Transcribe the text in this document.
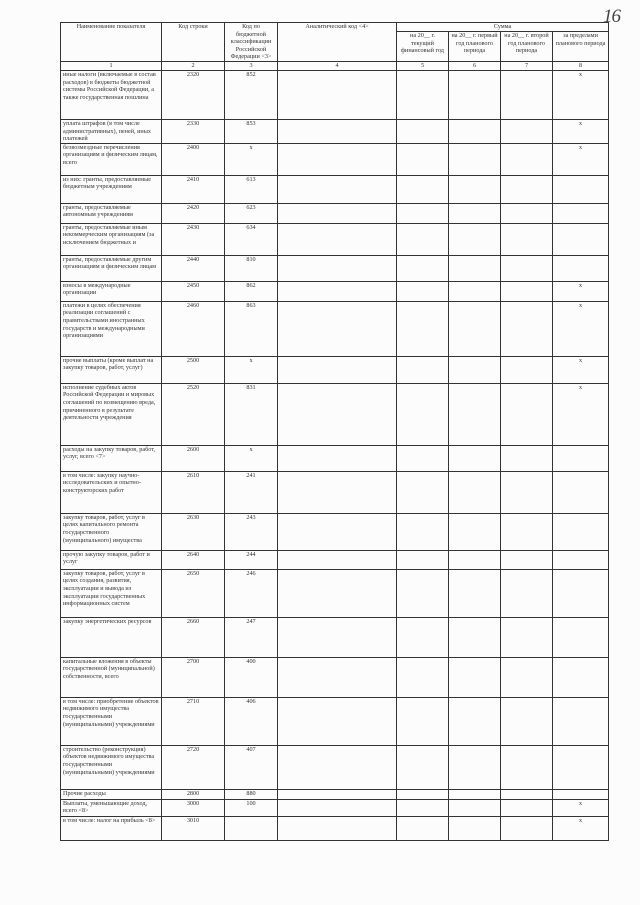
16
Наименование показателя	Код строки	Код по бюджетной классификации Российской Федерации <3>	Аналитический код <4>	Сумма			
				на 20__ г. текущий финансовый год	на 20__ г. первый год планового периода	на 20__ г. второй год планового периода	за пределами планового периода
1	2	3	4	5	6	7	8
иные налоги (включаемые в состав расходов) в бюджеты бюджетной системы Российской Федерации, а также государственная пошлина	2320	852					x
уплата штрафов (в том числе административных), пеней, иных платежей	2330	853					x
безвозмездные перечисления организациям и физическим лицам, всего	2400	x					x
из них: гранты, предоставляемые бюджетным учреждениям	2410	613					
гранты, предоставляемые автономным учреждениям	2420	623					
гранты, предоставляемые иным некоммерческим организациям (за исключением бюджетных и	2430	634					
гранты, предоставляемые другим организациям и физическим лицам	2440	810					
взносы в международные организации	2450	862					x
платежи в целях обеспечения реализации соглашений с правительствами иностранных государств и международными организациями	2460	863					x
прочие выплаты (кроме выплат на закупку товаров, работ, услуг)	2500	x					x
исполнение судебных актов Российской Федерации и мировых соглашений по возмещению вреда, причиненного в результате деятельности учреждения	2520	831					x
расходы на закупку товаров, работ, услуг, всего <7>	2600	x					
в том числе: закупку научно-исследовательских и опытно-конструкторских работ	2610	241					
закупку товаров, работ, услуг в целях капитального ремонта государственного (муниципального) имущества	2630	243					
прочую закупку товаров, работ и услуг	2640	244					
закупку товаров, работ, услуг в целях создания, развития, эксплуатации и вывода из эксплуатации государственных информационных систем	2650	246					
закупку энергетических ресурсов	2660	247					
капитальные вложения в объекты государственной (муниципальной) собственности, всего	2700	400					
в том числе: приобретение объектов недвижимого имущества государственными (муниципальными) учреждениями	2710	406					
строительство (реконструкция) объектов недвижимого имущества государственными (муниципальными) учреждениями	2720	407					
Прочие расходы	2800	880					
Выплаты, уменьшающие доход, всего <8>	3000	100					x
в том числе: налог на прибыль <8>	3010						x
